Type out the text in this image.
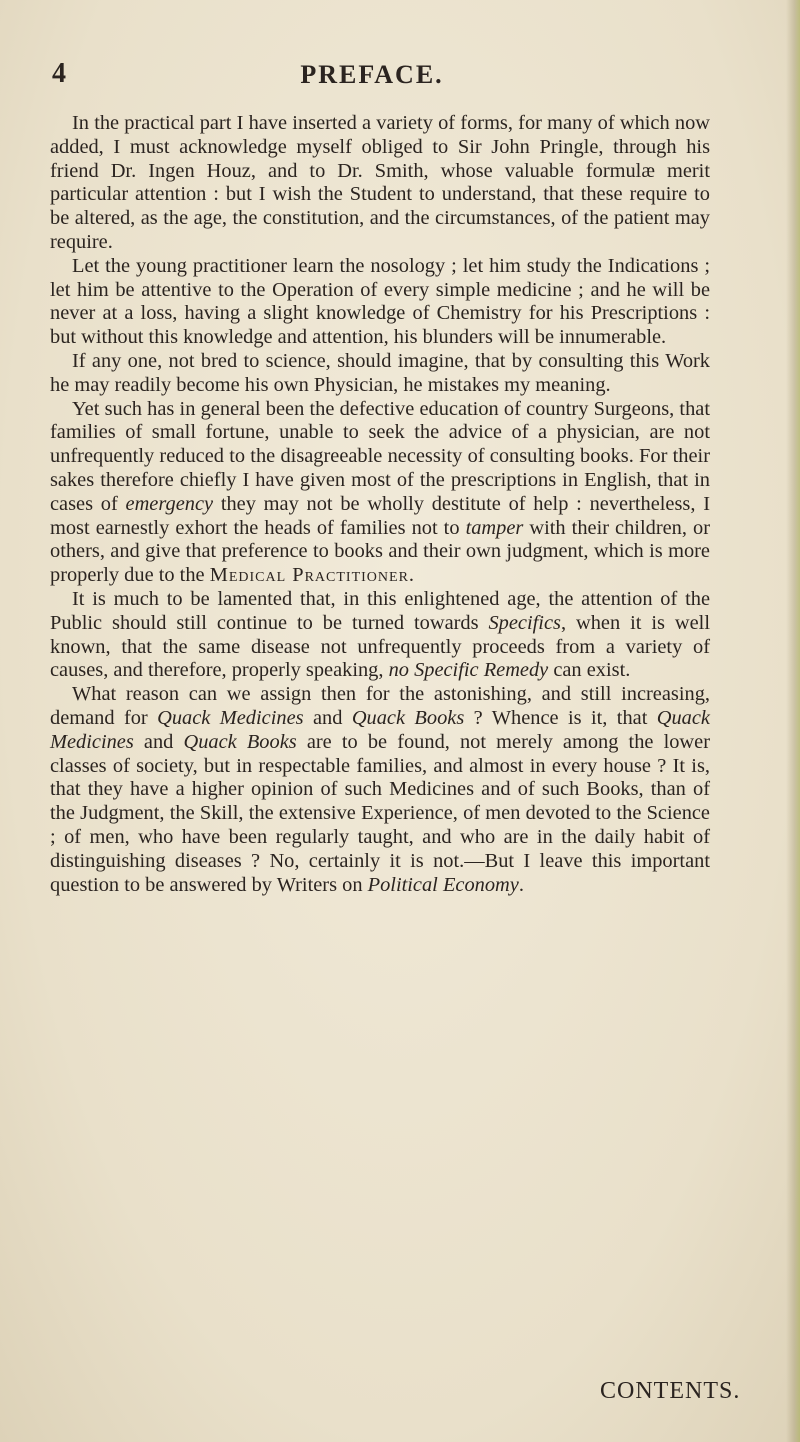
4	PREFACE.

In the practical part I have inserted a variety of forms, for many of which now added, I must acknowledge myself obliged to Sir John Pringle, through his friend Dr. Ingen Houz, and to Dr. Smith, whose valuable formulæ merit particular attention : but I wish the Student to understand, that these require to be altered, as the age, the constitution, and the circumstances, of the patient may require.

Let the young practitioner learn the nosology ; let him study the Indications ; let him be attentive to the Operation of every simple medicine ; and he will be never at a loss, having a slight knowledge of Chemistry for his Prescriptions : but without this knowledge and attention, his blunders will be innumerable.

If any one, not bred to science, should imagine, that by consulting this Work he may readily become his own Physician, he mistakes my meaning.

Yet such has in general been the defective education of country Surgeons, that families of small fortune, unable to seek the advice of a physician, are not unfrequently reduced to the disagreeable necessity of consulting books. For their sakes therefore chiefly I have given most of the prescriptions in English, that in cases of emergency they may not be wholly destitute of help : nevertheless, I most earnestly exhort the heads of families not to tamper with their children, or others, and give that preference to books and their own judgment, which is more properly due to the Medical Practitioner.

It is much to be lamented that, in this enlightened age, the attention of the Public should still continue to be turned towards Specifics, when it is well known, that the same disease not unfrequently proceeds from a variety of causes, and therefore, properly speaking, no Specific Remedy can exist.

What reason can we assign then for the astonishing, and still increasing, demand for Quack Medicines and Quack Books ? Whence is it, that Quack Medicines and Quack Books are to be found, not merely among the lower classes of society, but in respectable families, and almost in every house ? It is, that they have a higher opinion of such Medicines and of such Books, than of the Judgment, the Skill, the extensive Experience, of men devoted to the Science ; of men, who have been regularly taught, and who are in the daily habit of distinguishing diseases ? No, certainly it is not.—But I leave this important question to be answered by Writers on Political Economy.

CONTENTS.
